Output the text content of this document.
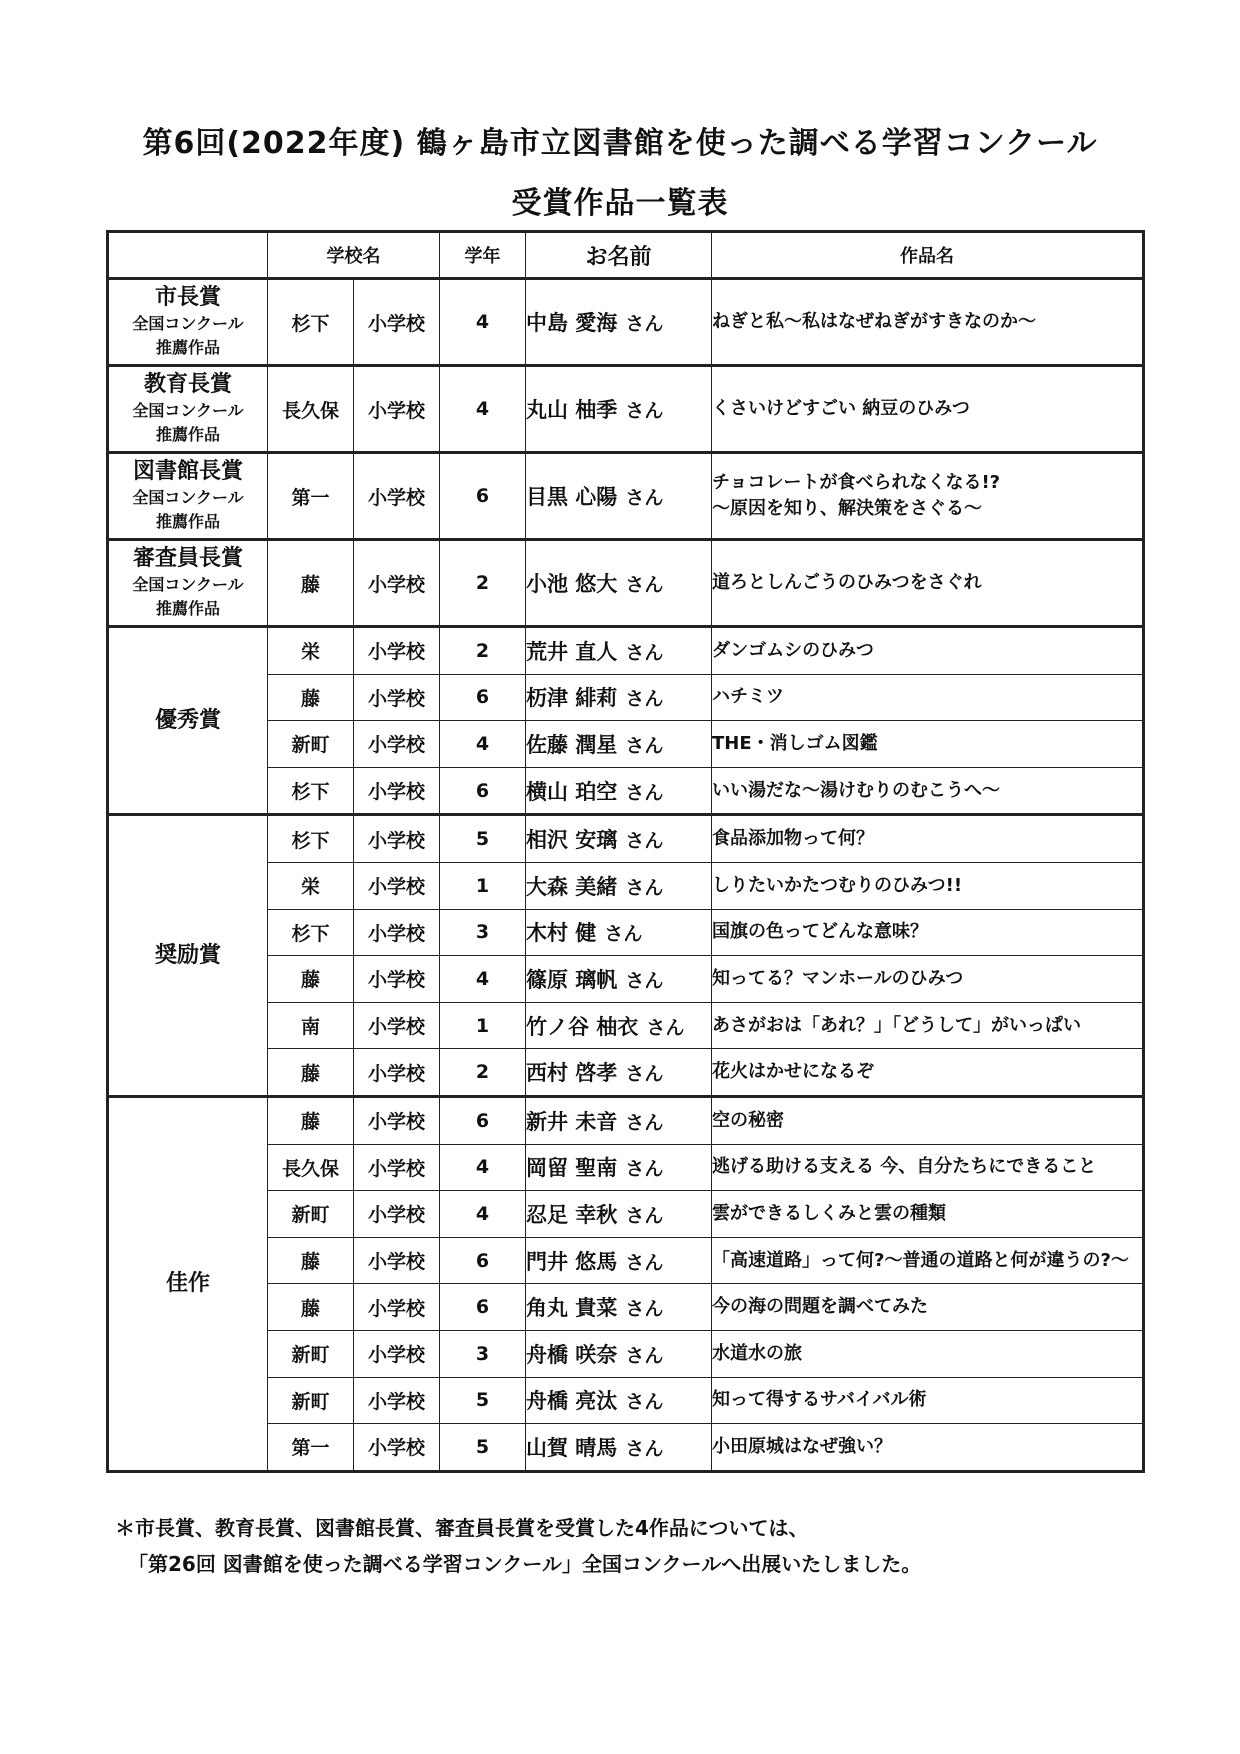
第6回(2022年度) 鶴ヶ島市立図書館を使った調べる学習コンクール
受賞作品一覧表
	学校名		学年	お名前	作品名

市長賞
全国コンクール
推薦作品	杉下	小学校	4	中島 愛海 さん	ねぎと私～私はなぜねぎがすきなのか～

教育長賞
全国コンクール
推薦作品	長久保	小学校	4	丸山 柚季 さん	くさいけどすごい 納豆のひみつ

図書館長賞
全国コンクール
推薦作品	第一	小学校	6	目黒 心陽 さん	チョコレートが食べられなくなる!?
～原因を知り、解決策をさぐる～

審査員長賞
全国コンクール
推薦作品	藤	小学校	2	小池 悠大 さん	道ろとしんごうのひみつをさぐれ

優秀賞	栄	小学校	2	荒井 直人 さん	ダンゴムシのひみつ

	藤	小学校	6	杤津 緋莉 さん	ハチミツ

	新町	小学校	4	佐藤 潤星 さん	THE・消しゴム図鑑

	杉下	小学校	6	横山 珀空 さん	いい湯だな～湯けむりのむこうへ～

奨励賞	杉下	小学校	5	相沢 安璃 さん	食品添加物って何？

	栄	小学校	1	大森 美緒 さん	しりたいかたつむりのひみつ!!

	杉下	小学校	3	木村 健 さん	国旗の色ってどんな意味？

	藤	小学校	4	篠原 璃帆 さん	知ってる？マンホールのひみつ

	南	小学校	1	竹ノ谷 柚衣 さん	あさがおは「あれ？」「どうして」がいっぱい

	藤	小学校	2	西村 啓孝 さん	花火はかせになるぞ

佳作	藤	小学校	6	新井 未音 さん	空の秘密

	長久保	小学校	4	岡留 聖南 さん	逃げる助ける支える 今、自分たちにできること

	新町	小学校	4	忍足 幸秋 さん	雲ができるしくみと雲の種類

	藤	小学校	6	門井 悠馬 さん	「高速道路」って何?～普通の道路と何が違うの?～

	藤	小学校	6	角丸 貴菜 さん	今の海の問題を調べてみた

	新町	小学校	3	舟橋 咲奈 さん	水道水の旅

	新町	小学校	5	舟橋 亮汰 さん	知って得するサバイバル術

	第一	小学校	5	山賀 晴馬 さん	小田原城はなぜ強い？
＊市長賞、教育長賞、図書館長賞、審査員長賞を受賞した4作品については、
「第26回 図書館を使った調べる学習コンクール」全国コンクールへ出展いたしました。
